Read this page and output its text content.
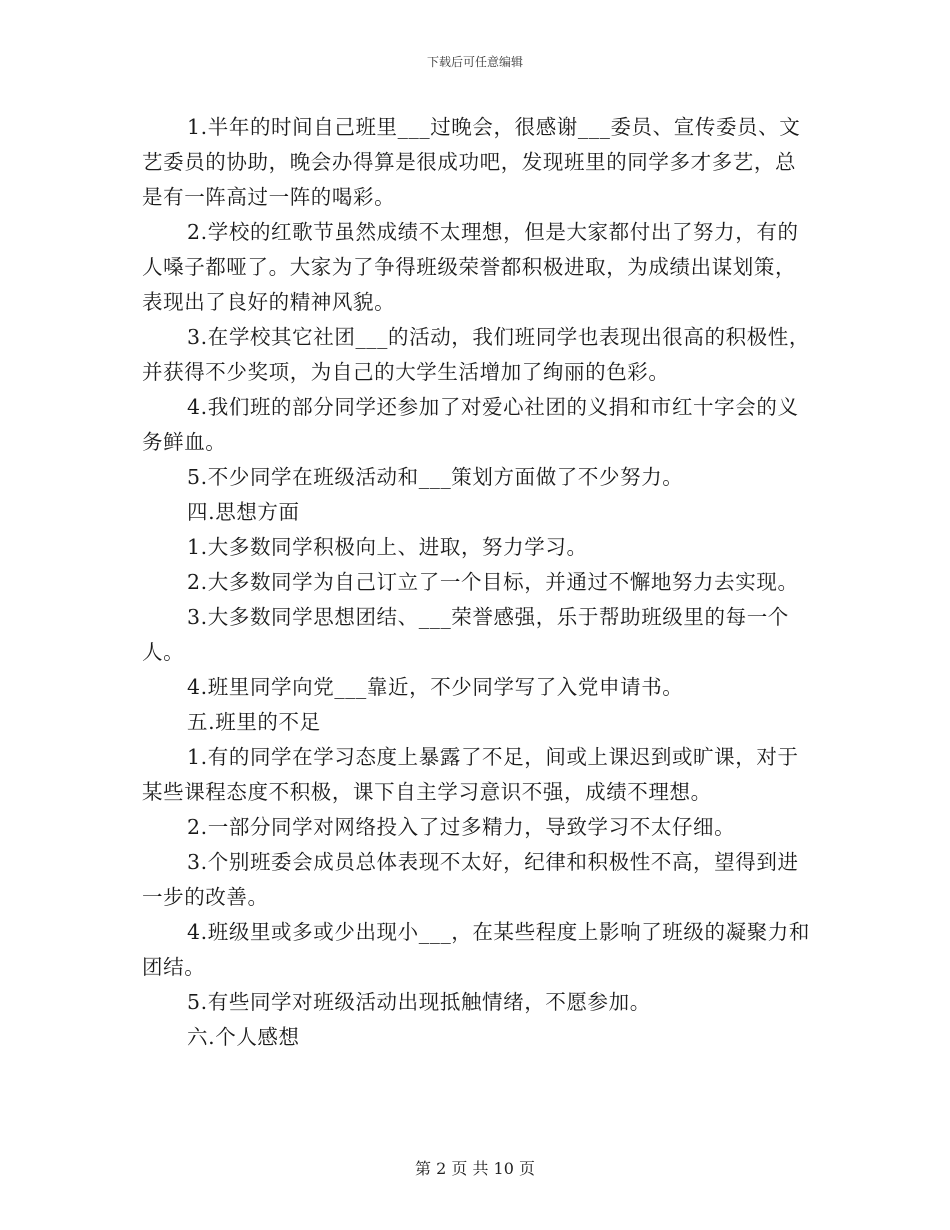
下载后可任意编辑

1.半年的时间自己班里___过晚会，很感谢___委员、宣传委员、文艺委员的协助，晚会办得算是很成功吧，发现班里的同学多才多艺，总是有一阵高过一阵的喝彩。

2.学校的红歌节虽然成绩不太理想，但是大家都付出了努力，有的人嗓子都哑了。大家为了争得班级荣誉都积极进取，为成绩出谋划策，表现出了良好的精神风貌。

3.在学校其它社团___的活动，我们班同学也表现出很高的积极性，并获得不少奖项，为自己的大学生活增加了绚丽的色彩。

4.我们班的部分同学还参加了对爱心社团的义捐和市红十字会的义务鲜血。

5.不少同学在班级活动和___策划方面做了不少努力。

四.思想方面

1.大多数同学积极向上、进取，努力学习。

2.大多数同学为自己订立了一个目标，并通过不懈地努力去实现。

3.大多数同学思想团结、___荣誉感强，乐于帮助班级里的每一个人。

4.班里同学向党___靠近，不少同学写了入党申请书。

五.班里的不足

1.有的同学在学习态度上暴露了不足，间或上课迟到或旷课，对于某些课程态度不积极，课下自主学习意识不强，成绩不理想。

2.一部分同学对网络投入了过多精力，导致学习不太仔细。

3.个别班委会成员总体表现不太好，纪律和积极性不高，望得到进一步的改善。

4.班级里或多或少出现小___，在某些程度上影响了班级的凝聚力和团结。

5.有些同学对班级活动出现抵触情绪，不愿参加。

六.个人感想

第 2 页 共 10 页
